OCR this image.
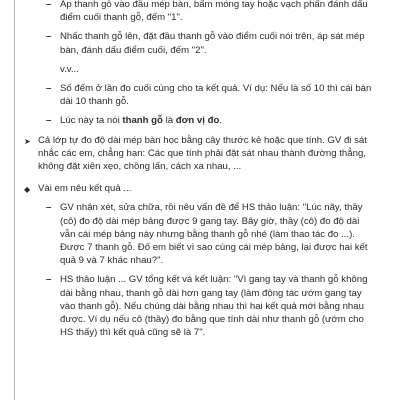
– Áp thanh gỗ vào đầu mép bàn, bấm móng tay hoặc vạch phấn đánh dấu điểm cuối thanh gỗ, đếm "1".
– Nhấc thanh gỗ lên, đặt đầu thanh gỗ vào điểm cuối nói trên, áp sát mép bàn, đánh dấu điểm cuối, đếm "2".
v.v...
– Số đếm ở lần đo cuối cùng cho ta kết quả. Ví dụ: Nếu là số 10 thì cái bàn dài 10 thanh gỗ.
– Lúc này ta nói thanh gỗ là đơn vị đo.
➤ Cả lớp tự đo độ dài mép bàn học bằng cây thước kẻ hoặc que tính. GV đi sát nhắc các em, chẳng hạn: Các que tính phải đặt sát nhau thành đường thẳng, không đặt xiên xẹo, chồng lấn, cách xa nhau, ...
◆ Vài em nêu kết quả ...
– GV nhận xét, sửa chữa, rồi nêu vấn đề để HS thảo luận: "Lúc nãy, thầy (cô) đo độ dài mép bảng được 9 gang tay. Bây giờ, thầy (cô) đo độ dài vẫn cái mép bảng này nhưng bằng thanh gỗ nhé (làm thao tác đo ...). Được 7 thanh gỗ. Đố em biết vì sao cùng cái mép bảng, lại được hai kết quả 9 và 7 khác nhau?".
– HS thảo luận ... GV tổng kết và kết luận: "Vì gang tay và thanh gỗ không dài bằng nhau, thanh gỗ dài hơn gang tay (làm động tác ướm gang tay vào thanh gỗ). Nếu chúng dài bằng nhau thì hai kết quả mới bằng nhau được. Ví dụ nếu cô (thầy) đo bằng que tính dài như thanh gỗ (ướm cho HS thấy) thì kết quả cũng sẽ là 7".
